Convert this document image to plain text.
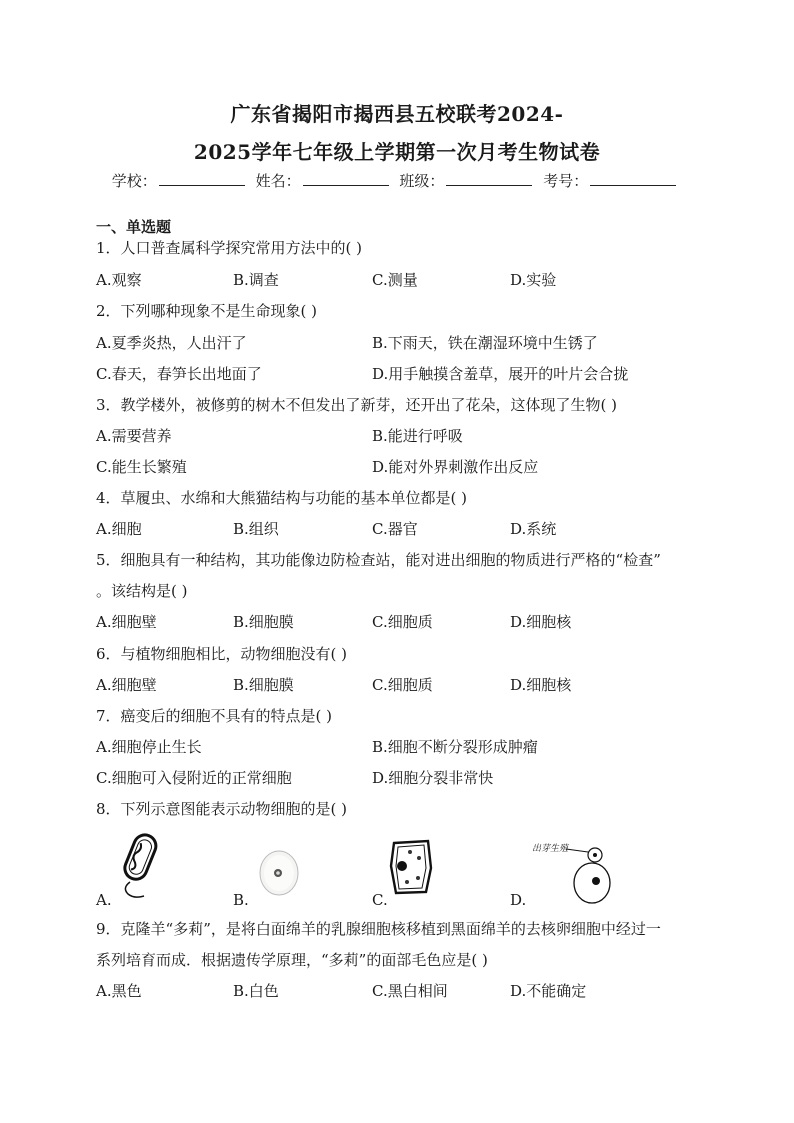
广东省揭阳市揭西县五校联考2024-
2025学年七年级上学期第一次月考生物试卷
学校：	姓名：	班级：	考号：
一、单选题
1．人口普查属科学探究常用方法中的( )
A.观察	B.调查	C.测量	D.实验
2．下列哪种现象不是生命现象( )
A.夏季炎热，人出汗了	B.下雨天，铁在潮湿环境中生锈了
C.春天，春笋长出地面了	D.用手触摸含羞草，展开的叶片会合拢
3．教学楼外，被修剪的树木不但发出了新芽，还开出了花朵，这体现了生物( )
A.需要营养	B.能进行呼吸
C.能生长繁殖	D.能对外界刺激作出反应
4．草履虫、水绵和大熊猫结构与功能的基本单位都是( )
A.细胞	B.组织	C.器官	D.系统
5．细胞具有一种结构，其功能像边防检查站，能对进出细胞的物质进行严格的“检查”
。该结构是( )
A.细胞壁	B.细胞膜	C.细胞质	D.细胞核
6．与植物细胞相比，动物细胞没有( )
A.细胞壁	B.细胞膜	C.细胞质	D.细胞核
7．癌变后的细胞不具有的特点是( )
A.细胞停止生长	B.细胞不断分裂形成肿瘤
C.细胞可入侵附近的正常细胞	D.细胞分裂非常快
8．下列示意图能表示动物细胞的是( )
A.	B.	C.
出芽生殖
D.
9．克隆羊“多莉”，是将白面绵羊的乳腺细胞核移植到黑面绵羊的去核卵细胞中经过一
系列培育而成．根据遗传学原理，“多莉”的面部毛色应是( )
A.黑色	B.白色	C.黑白相间	D.不能确定
